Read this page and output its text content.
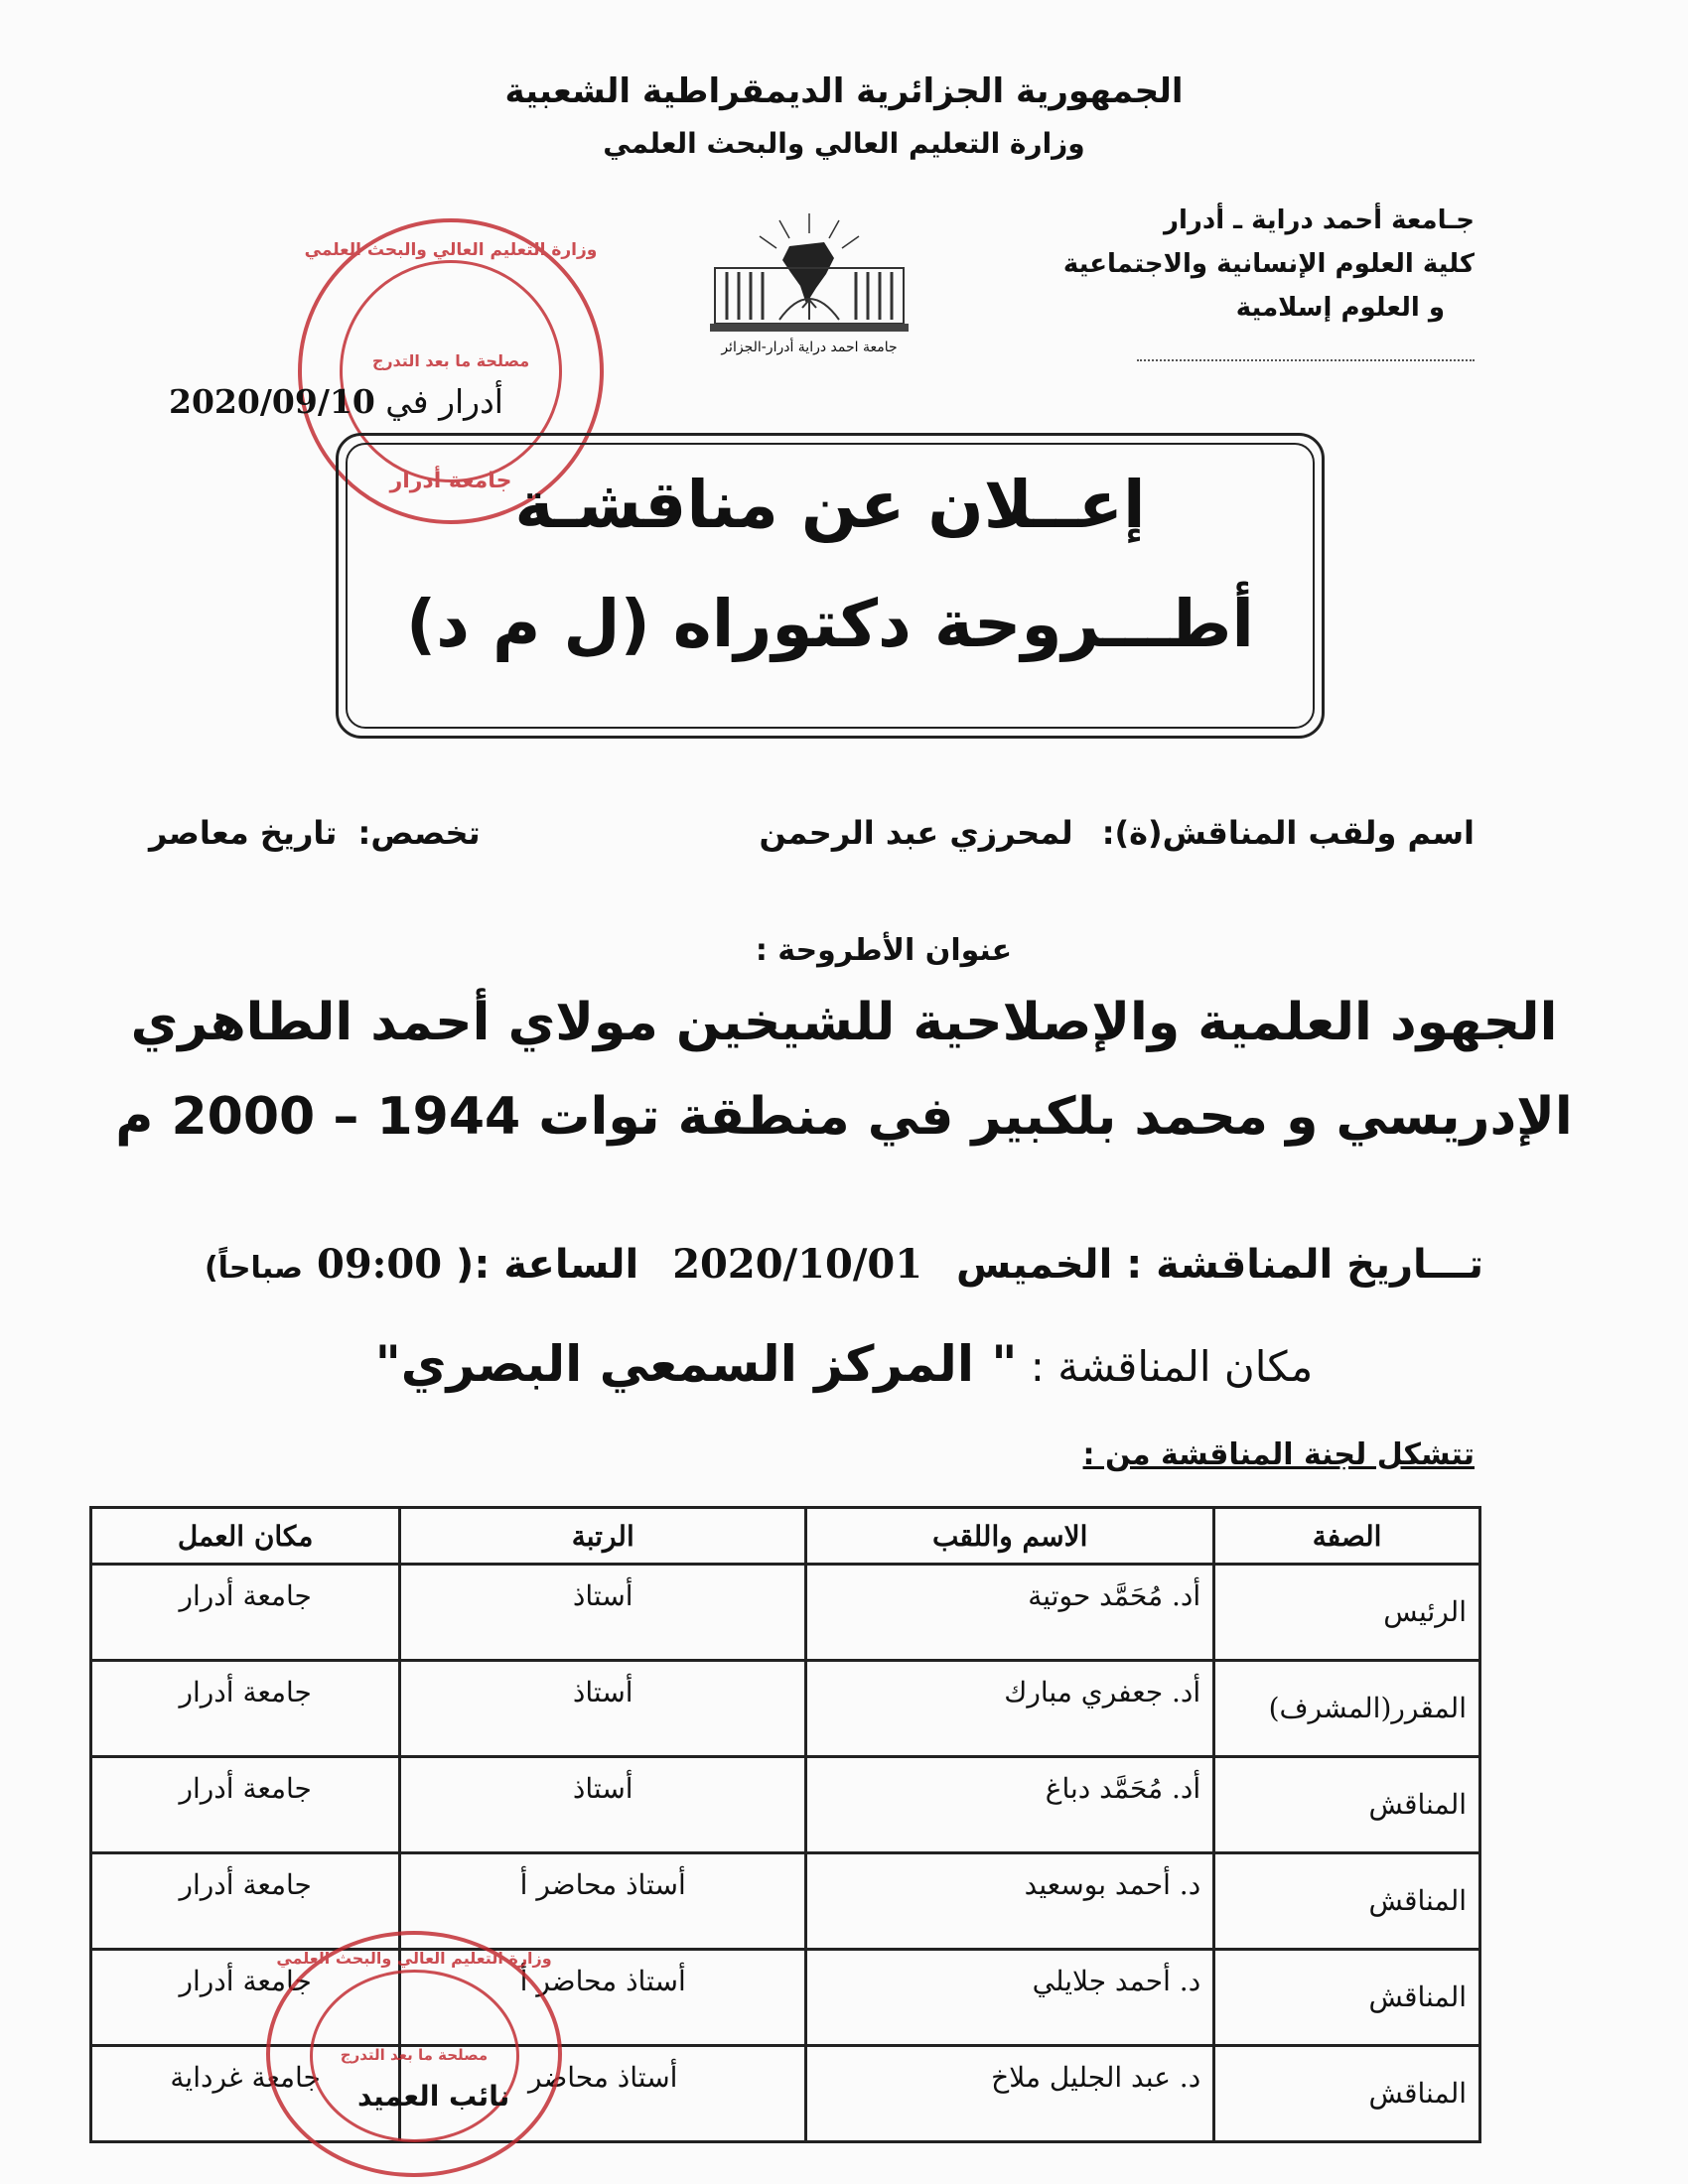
الجمهورية الجزائرية الديمقراطية الشعبية
وزارة التعليم العالي والبحث العلمي
جـامعة أحمد دراية ـ أدرار
كلية العلوم الإنسانية والاجتماعية
و العلوم إسلامية
جامعة احمد دراية أدرار-الجزائر
وزارة التعليم العالي والبحث العلمي
مصلحة ما بعد التدرج
جامعة أدرار
أدرار في 2020/09/10
إعــلان عن مناقشـة
أطـــروحة دكتوراه (ل م د)
اسم ولقب المناقش(ة): لمحرزي عبد الرحمن
تخصص: تاريخ معاصر
عنوان الأطروحة :
الجهود العلمية والإصلاحية للشيخين مولاي أحمد الطاهري
الإدريسي و محمد بلكبير في منطقة توات 1944 – 2000 م
تـــاريخ المناقشة : الخميس 2020/10/01 الساعة :( 09:00 صباحاً)
مكان المناقشة : " المركز السمعي البصري"
تتشكل لجنة المناقشة من :
الصفة	الاسم واللقب	الرتبة	مكان العمل
الرئيس	أد. مُحَمَّد حوتية	أستاذ	جامعة أدرار
المقرر(المشرف)	أد. جعفري مبارك	أستاذ	جامعة أدرار
المناقش	أد. مُحَمَّد دباغ	أستاذ	جامعة أدرار
المناقش	د. أحمد بوسعيد	أستاذ محاضر أ	جامعة أدرار
المناقش	د. أحمد جلايلي	أستاذ محاضر أ	جامعة أدرار
المناقش	د. عبد الجليل ملاخ	أستاذ محاضر	جامعة غرداية
وزارة التعليم العالي والبحث العلمي
مصلحة ما بعد التدرج
نائب العميد
